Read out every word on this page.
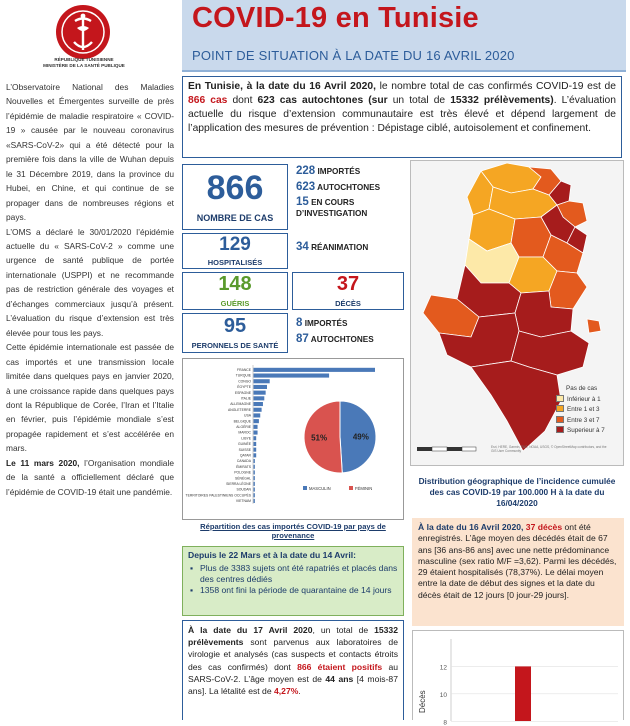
RÉPUBLIQUE TUNISIENNE
MINISTÈRE DE LA SANTÉ PUBLIQUE

L’Observatoire National des Maladies Nouvelles et Émergentes surveille de près l’épidémie de maladie respiratoire « COVID-19 » causée par le nouveau coronavirus «SARS-CoV-2» qui a été détecté pour la première fois dans la ville de Wuhan depuis le 31 Décembre 2019, dans la province du Hubei, en Chine, et qui continue de se propager dans de nombreuses régions et pays.

L’OMS a déclaré le 30/01/2020 l’épidémie actuelle du « SARS-CoV-2 » comme une urgence de santé publique de portée internationale (USPPI) et ne recommande pas de restriction générale des voyages et d’échanges commerciaux jusqu’à présent. L’évaluation du risque d’extension est très élevée pour tous les pays.

Cette épidémie internationale est passée de cas importés et une transmission locale limitée dans quelques pays en janvier 2020, à une croissance rapide dans quelques pays dont la République de Corée, l’Iran et l’Italie en février, puis l’épidémie mondiale s’est propagée rapidement et s’est accélérée en mars.

Le 11 mars 2020, l’Organisation mondiale de la santé a officiellement déclaré que l’épidémie de COVID-19 était une pandémie.

COVID-19 en Tunisie
POINT DE SITUATION À LA DATE DU 16 AVRIL 2020
En Tunisie, à la date du 16 Avril 2020, le nombre total de cas confirmés COVID-19 est de 866 cas dont 623 cas autochtones (sur un total de 15332 prélèvements). L’évaluation actuelle du risque d’extension communautaire est très élevé et dépend largement de l’application des mesures de prévention : Dépistage ciblé, autoisolement et confinement.
866
NOMBRE DE CAS
228 IMPORTÉS
623 AUTOCHTONES
15 EN COURS
D’INVESTIGATION
129
HOSPITALISÉS
34 RÉANIMATION
148
GUÉRIS
37
DÉCÈS
95
PERONNELS DE SANTÉ
8 IMPORTÉS
87 AUTOCHTONES
FRANCE
TURQUIE
CONGO
ÉGYPTE
ESPAGNE
ITALIE
ALLEMAGNE
ANGLETERRE
USA
BELGIQUE
ALGÉRIE
MAROC
LIBYE
GUINÉE
SUISSE
QATAR
CANADA
ÉMIRATS
POLOGNE
SÉNÉGAL
SIERRA LÉONE
SOUDAN
TERRITOIRES PALESTINIENS OCCUPÉS
VIETNAM
49%
51%
MASCULIN	FÉMININ
Répartition des cas importés COVID-19 par pays de provenance
Depuis le 22 Mars et à la date du 14 Avril:
▪ Plus de 3383 sujets ont été rapatriés et placés dans des centres dédiés
▪ 1358 ont fini la période de quarantaine de 14 jours
À la date du 17 Avril 2020, un total de 15332 prélèvements sont parvenus aux laboratoires de virologie et analysés (cas suspects et contacts étroits des cas confirmés) dont 866 étaient positifs au SARS-CoV-2. L’âge moyen est de 44 ans [4 mois-87 ans]. La létalité est de 4,27%.
Esri, HERE, Garmin, FAO, NOAA, USGS, © OpenStreetMap contributors, and the GIS User Community
Pas de cas
Inférieur à 1
Entre 1 et 3
Entre 3 et 7
Superieur à 7
Distribution géographique de l’incidence cumulée des cas COVID-19 par 100.000 H à la date du 16/04/2020
À la date du 16 Avril 2020, 37 décès ont été enregistrés. L’âge moyen des décédés était de 67 ans [36 ans-86 ans] avec une nette prédominance masculine (sex ratio M/F =3,62). Parmi les décédés, 29 étaient hospitalisés (78,37%). Le délai moyen entre la date de début des signes et la date du décès était de 12 jours [0 jour-29 jours].
12
10
8
Décès
